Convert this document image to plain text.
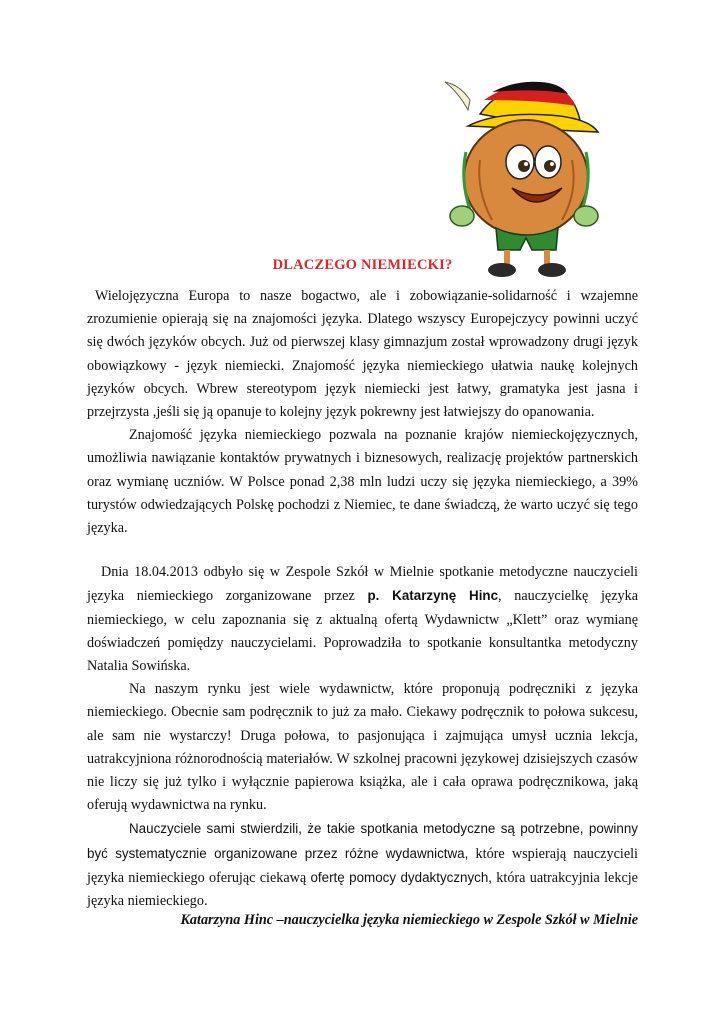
DLACZEGO NIEMIECKI?

Wielojęzyczna Europa to nasze bogactwo, ale i zobowiązanie-solidarność i wzajemne zrozumienie opierają się na znajomości języka. Dlatego wszyscy Europejczycy powinni uczyć się dwóch języków obcych. Już od pierwszej klasy gimnazjum został wprowadzony drugi język obowiązkowy - język niemiecki. Znajomość języka niemieckiego ułatwia naukę kolejnych języków obcych. Wbrew stereotypom język niemiecki jest łatwy, gramatyka jest jasna i przejrzysta ,jeśli się ją opanuje to kolejny język pokrewny jest łatwiejszy do opanowania.

Znajomość języka niemieckiego pozwala na poznanie krajów niemieckojęzycznych, umożliwia nawiązanie kontaktów prywatnych i biznesowych, realizację projektów partnerskich oraz wymianę uczniów. W Polsce ponad 2,38 mln ludzi uczy się języka niemieckiego, a 39% turystów odwiedzających Polskę pochodzi z Niemiec, te dane świadczą, że warto uczyć się tego języka.

Dnia 18.04.2013 odbyło się w Zespole Szkół w Mielnie spotkanie metodyczne nauczycieli języka niemieckiego zorganizowane przez p. Katarzynę Hinc, nauczycielkę języka niemieckiego, w celu zapoznania się z aktualną ofertą Wydawnictw „Klett” oraz wymianę doświadczeń pomiędzy nauczycielami. Poprowadziła to spotkanie konsultantka metodyczny Natalia Sowińska.

Na naszym rynku jest wiele wydawnictw, które proponują podręczniki z języka niemieckiego. Obecnie sam podręcznik to już za mało. Ciekawy podręcznik to połowa sukcesu, ale sam nie wystarczy! Druga połowa, to pasjonująca i zajmująca umysł ucznia lekcja, uatrakcyjniona różnorodnością materiałów. W szkolnej pracowni językowej dzisiejszych czasów nie liczy się już tylko i wyłącznie papierowa książka, ale i cała oprawa podręcznikowa, jaką oferują wydawnictwa na rynku.

Nauczyciele sami stwierdzili, że takie spotkania metodyczne są potrzebne, powinny być systematycznie organizowane przez różne wydawnictwa, które wspierają nauczycieli języka niemieckiego oferując ciekawą ofertę pomocy dydaktycznych, która uatrakcyjnia lekcje języka niemieckiego.

Katarzyna Hinc –nauczycielka języka niemieckiego w Zespole Szkół w Mielnie
